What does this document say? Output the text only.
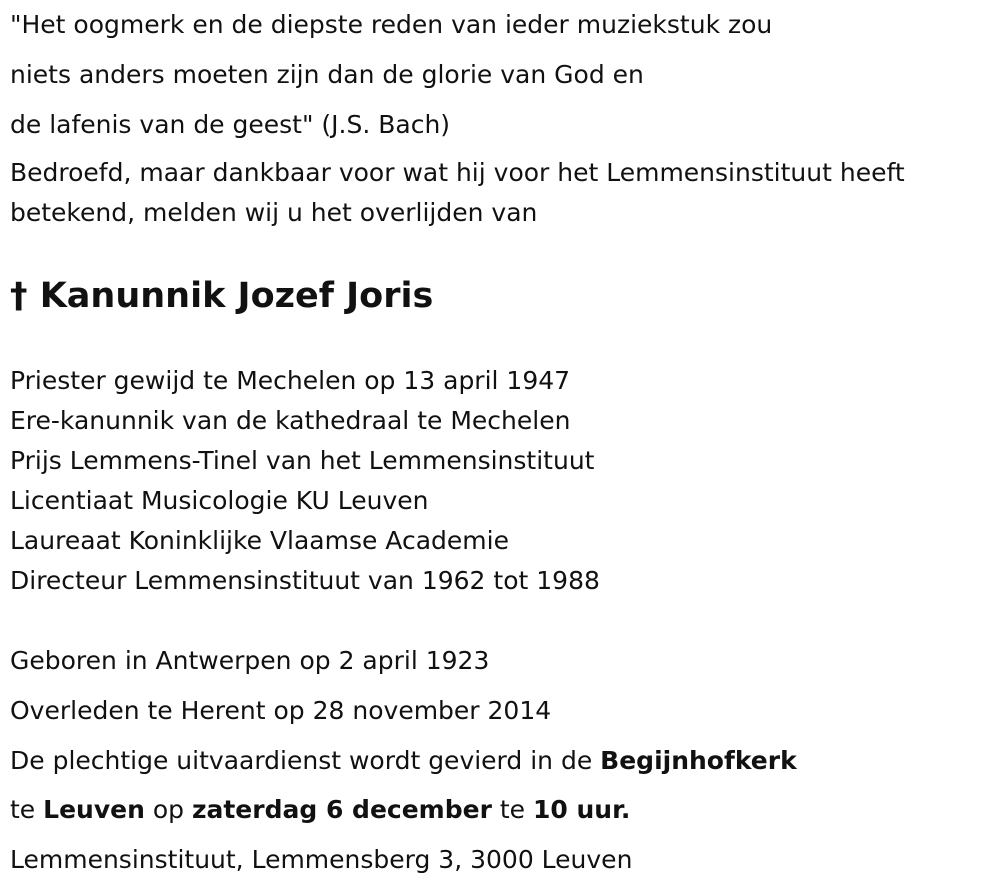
"Het oogmerk en de diepste reden van ieder muziekstuk zou
niets anders moeten zijn dan de glorie van God en
de lafenis van de geest" (J.S. Bach)
Bedroefd, maar dankbaar voor wat hij voor het Lemmensinstituut heeft
betekend, melden wij u het overlijden van
† Kanunnik Jozef Joris
Priester gewijd te Mechelen op 13 april 1947
Ere-kanunnik van de kathedraal te Mechelen
Prijs Lemmens-Tinel van het Lemmensinstituut
Licentiaat Musicologie KU Leuven
Laureaat Koninklijke Vlaamse Academie
Directeur Lemmensinstituut van 1962 tot 1988
Geboren in Antwerpen op 2 april 1923
Overleden te Herent op 28 november 2014
De plechtige uitvaardienst wordt gevierd in de Begijnhofkerk
te Leuven op zaterdag 6 december te 10 uur.
Lemmensinstituut, Lemmensberg 3, 3000 Leuven
